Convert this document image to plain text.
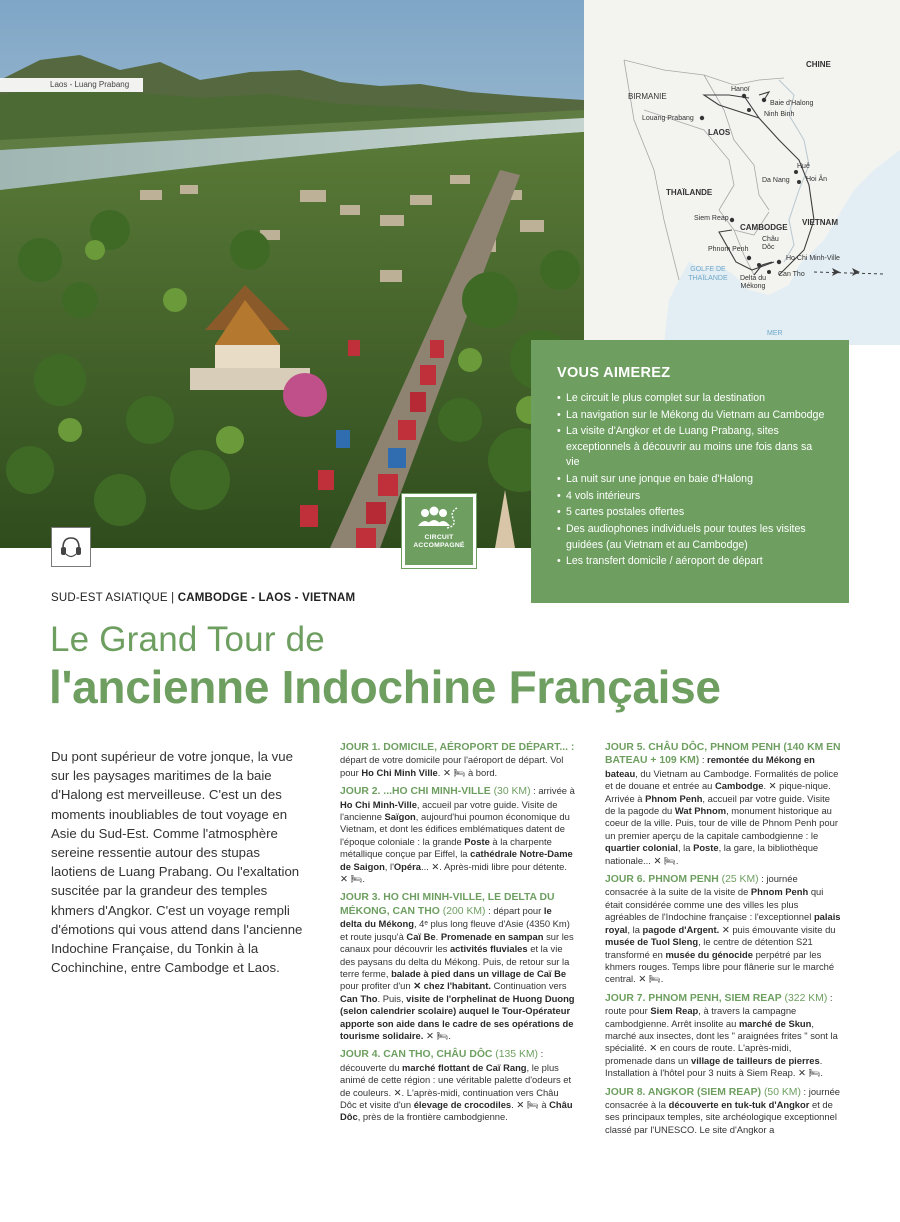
Laos - Luang Prabang
CHINE
BIRMANIE
Hanoï
Baie d'Halong
Ninh Binh
Louang Prabang
LAOS
Huê
Da Nang Hoi Ân
THAÏLANDE
Siem Reap
CAMBODGE
VIETNAM
Châu Dôc
Phnom Penh
Ho Chi Minh-Ville
Can Tho
Delta du Mékong
GOLFE DE THAÏLANDE
MER
VOUS AIMEREZ
• Le circuit le plus complet sur la destination
• La navigation sur le Mékong du Vietnam au Cambodge
• La visite d'Angkor et de Luang Prabang, sites exceptionnels à découvrir au moins une fois dans sa vie
• La nuit sur une jonque en baie d'Halong
• 4 vols intérieurs
• 5 cartes postales offertes
• Des audiophones individuels pour toutes les visites guidées (au Vietnam et au Cambodge)
• Les transfert domicile / aéroport de départ
CIRCUIT
ACCOMPAGNÉ
SUD-EST ASIATIQUE | CAMBODGE - LAOS - VIETNAM
Le Grand Tour de
l'ancienne Indochine Française

Du pont supérieur de votre jonque, la vue sur les paysages maritimes de la baie d'Halong est merveilleuse. C'est un des moments inoubliables de tout voyage en Asie du Sud-Est. Comme l'atmosphère sereine ressentie autour des stupas laotiens de Luang Prabang. Ou l'exaltation suscitée par la grandeur des temples khmers d'Angkor. C'est un voyage rempli d'émotions qui vous attend dans l'ancienne Indochine Française, du Tonkin à la Cochinchine, entre Cambodge et Laos.

JOUR 1. DOMICILE, AÉROPORT DE DÉPART... : départ de votre domicile pour l'aéroport de départ. Vol pour Ho Chi Minh Ville. ✕ 🛏 à bord.

JOUR 2. ...HO CHI MINH-VILLE (30 KM) : arrivée à Ho Chi Minh-Ville, accueil par votre guide. Visite de l'ancienne Saïgon, aujourd'hui poumon économique du Vietnam, et dont les édifices emblématiques datent de l'époque coloniale : la grande Poste à la charpente métallique conçue par Eiffel, la cathédrale Notre-Dame de Saigon, l'Opéra... ✕. Après-midi libre pour détente. ✕ 🛏.

JOUR 3. HO CHI MINH-VILLE, LE DELTA DU MÉKONG, CAN THO (200 KM) : départ pour le delta du Mékong, 4ᵉ plus long fleuve d'Asie (4350 Km) et route jusqu'à Caï Be. Promenade en sampan sur les canaux pour découvrir les activités fluviales et la vie des paysans du delta du Mékong. Puis, de retour sur la terre ferme, balade à pied dans un village de Caï Be pour profiter d'un ✕ chez l'habitant. Continuation vers Can Tho. Puis, visite de l'orphelinat de Huong Duong (selon calendrier scolaire) auquel le Tour-Opérateur apporte son aide dans le cadre de ses opérations de tourisme solidaire. ✕ 🛏.

JOUR 4. CAN THO, CHÂU DÔC (135 KM) : découverte du marché flottant de Caï Rang, le plus animé de cette région : une véritable palette d'odeurs et de couleurs. ✕. L'après-midi, continuation vers Châu Dôc et visite d'un élevage de crocodiles. ✕ 🛏 à Châu Dôc, près de la frontière cambodgienne.

JOUR 5. CHÂU DÔC, PHNOM PENH (140 KM EN BATEAU + 109 KM) : remontée du Mékong en bateau, du Vietnam au Cambodge. Formalités de police et de douane et entrée au Cambodge. ✕ pique-nique. Arrivée à Phnom Penh, accueil par votre guide. Visite de la pagode du Wat Phnom, monument historique au coeur de la ville. Puis, tour de ville de Phnom Penh pour un premier aperçu de la capitale cambodgienne : le quartier colonial, la Poste, la gare, la bibliothèque nationale... ✕ 🛏.

JOUR 6. PHNOM PENH (25 KM) : journée consacrée à la suite de la visite de Phnom Penh qui était considérée comme une des villes les plus agréables de l'Indochine française : l'exceptionnel palais royal, la pagode d'Argent. ✕ puis émouvante visite du musée de Tuol Sleng, le centre de détention S21 transformé en musée du génocide perpétré par les khmers rouges. Temps libre pour flânerie sur le marché central. ✕ 🛏.

JOUR 7. PHNOM PENH, SIEM REAP (322 KM) : route pour Siem Reap, à travers la campagne cambodgienne. Arrêt insolite au marché de Skun, marché aux insectes, dont les " araignées frites " sont la spécialité. ✕ en cours de route. L'après-midi, promenade dans un village de tailleurs de pierres. Installation à l'hôtel pour 3 nuits à Siem Reap. ✕ 🛏.

JOUR 8. ANGKOR (SIEM REAP) (50 KM) : journée consacrée à la découverte en tuk-tuk d'Angkor et de ses principaux temples, site archéologique exceptionnel classé par l'UNESCO. Le site d'Angkor a
